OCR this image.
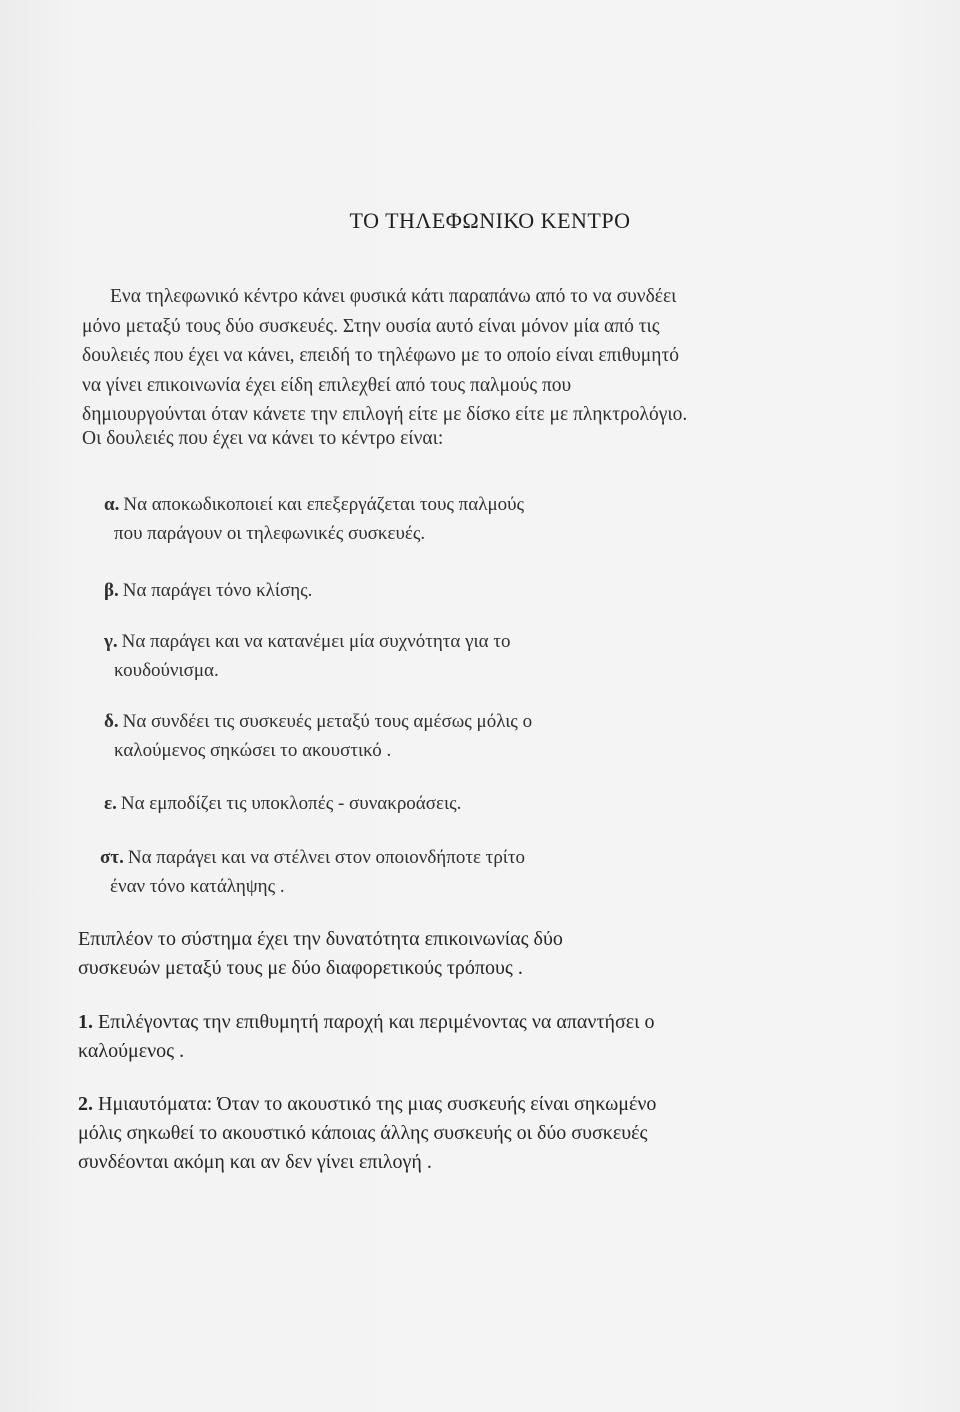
ΤΟ ΤΗΛΕΦΩΝΙΚΟ ΚΕΝΤΡΟ

Ενα τηλεφωνικό κέντρο κάνει φυσικά κάτι παραπάνω από το να συνδέει
μόνο μεταξύ τους δύο συσκευές. Στην ουσία αυτό είναι μόνον μία από τις
δουλειές που έχει να κάνει, επειδή το τηλέφωνο με το οποίο είναι επιθυμητό
να γίνει επικοινωνία έχει είδη επιλεχθεί από τους παλμούς που
δημιουργούνται όταν κάνετε την επιλογή είτε με δίσκο είτε με πληκτρολόγιο.

Οι δουλειές που έχει να κάνει το κέντρο είναι:

α. Να αποκωδικοποιεί και επεξεργάζεται τους παλμούς
που παράγουν οι τηλεφωνικές συσκευές.

β. Να παράγει τόνο κλίσης.

γ. Να παράγει και να κατανέμει μία συχνότητα για το
κουδούνισμα.

δ. Να συνδέει τις συσκευές μεταξύ τους αμέσως μόλις ο
καλούμενος σηκώσει το ακουστικό .

ε. Να εμποδίζει τις υποκλοπές - συνακροάσεις.

στ. Να παράγει και να στέλνει στον οποιονδήποτε τρίτο
έναν τόνο κατάληψης .

Επιπλέον το σύστημα έχει την δυνατότητα επικοινωνίας δύο
συσκευών μεταξύ τους με δύο διαφορετικούς τρόπους .

1. Επιλέγοντας την επιθυμητή παροχή και περιμένοντας να απαντήσει ο
καλούμενος .

2. Ημιαυτόματα: Όταν το ακουστικό της μιας συσκευής είναι σηκωμένο
μόλις σηκωθεί το ακουστικό κάποιας άλλης συσκευής οι δύο συσκευές
συνδέονται ακόμη και αν δεν γίνει επιλογή .
